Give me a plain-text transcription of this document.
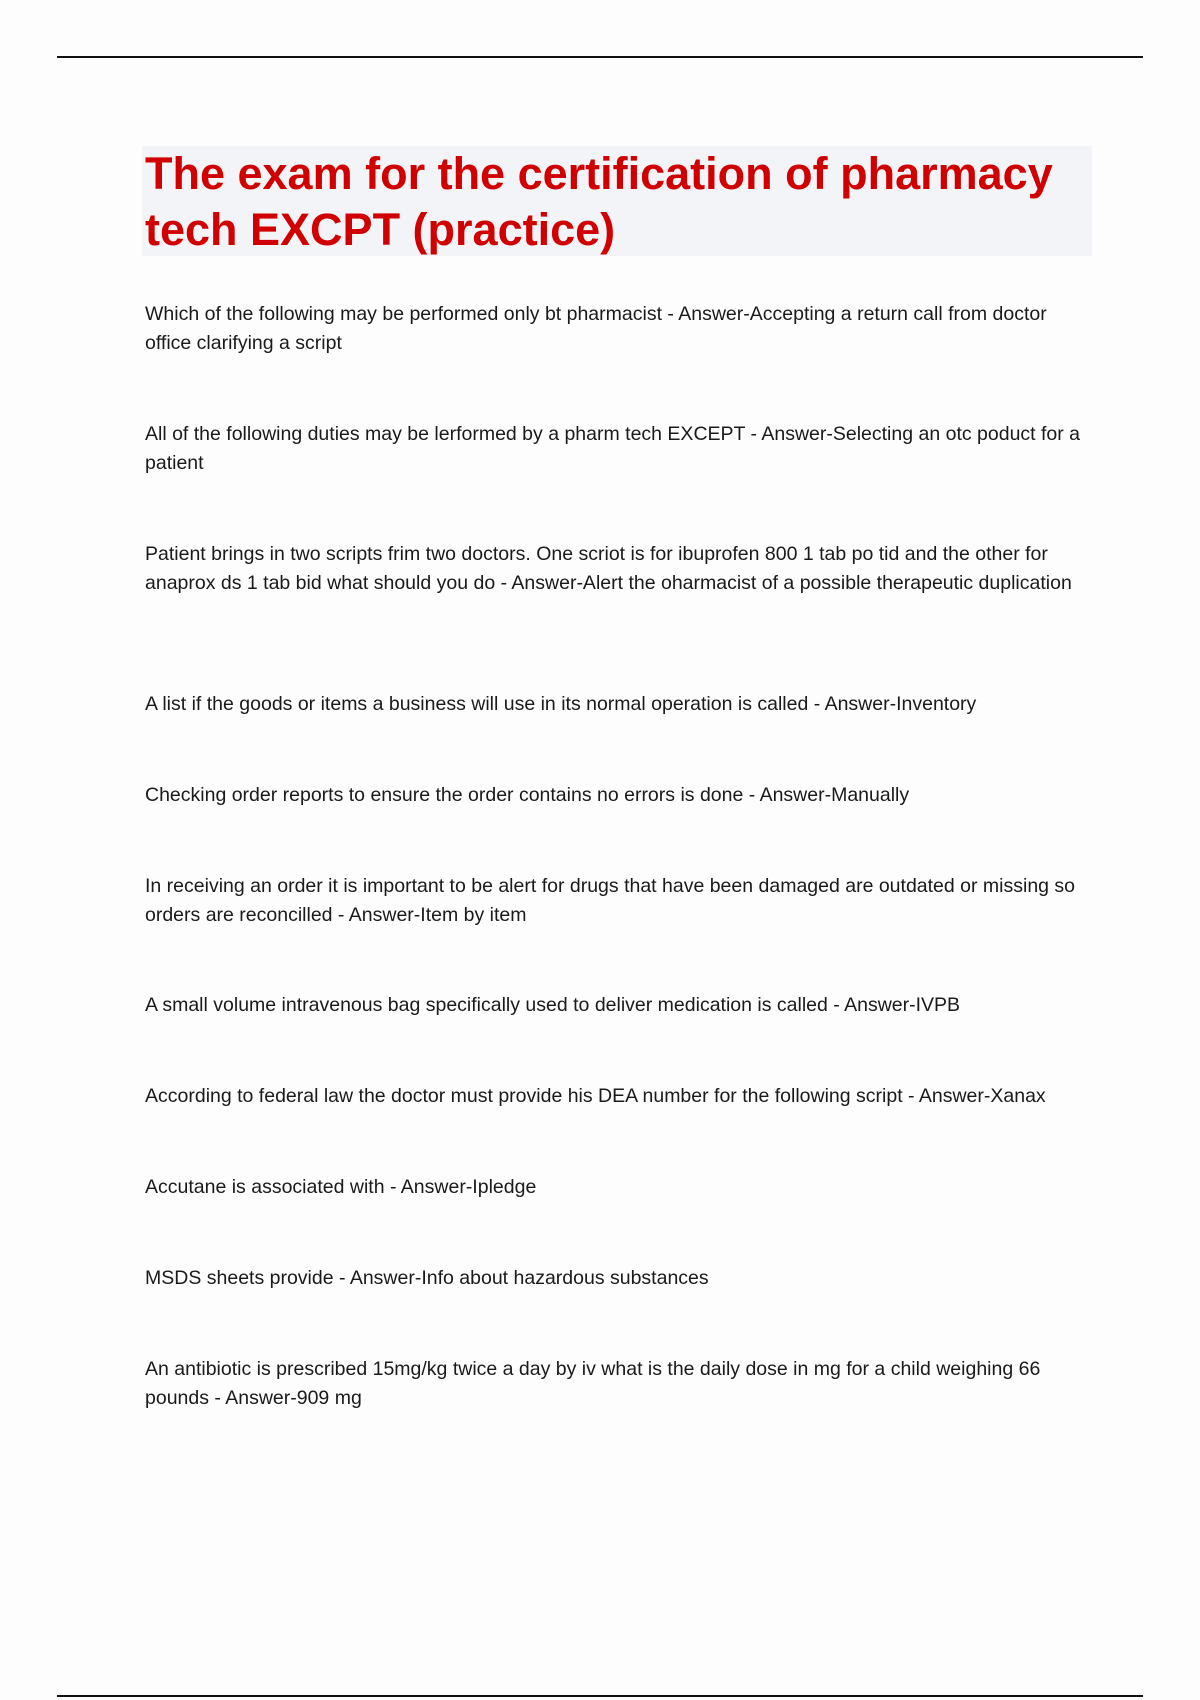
The exam for the certification of pharmacy tech EXCPT (practice)
Which of the following may be performed only bt pharmacist - Answer-Accepting a return call from doctor office clarifying a script
All of the following duties may be lerformed by a pharm tech EXCEPT - Answer-Selecting an otc poduct for a patient
Patient brings in two scripts frim two doctors. One scriot is for ibuprofen 800 1 tab po tid and the other for anaprox ds 1 tab bid what should you do - Answer-Alert the oharmacist of a possible therapeutic duplication
A list if the goods or items a business will use in its normal operation is called - Answer-Inventory
Checking order reports to ensure the order contains no errors is done - Answer-Manually
In receiving an order it is important to be alert for drugs that have been damaged are outdated or missing so orders are reconcilled - Answer-Item by item
A small volume intravenous bag specifically used to deliver medication is called - Answer-IVPB
According to federal law the doctor must provide his DEA number for the following script - Answer-Xanax
Accutane is associated with - Answer-Ipledge
MSDS sheets provide - Answer-Info about hazardous substances
An antibiotic is prescribed 15mg/kg twice a day by iv what is the daily dose in mg for a child weighing 66 pounds - Answer-909 mg
